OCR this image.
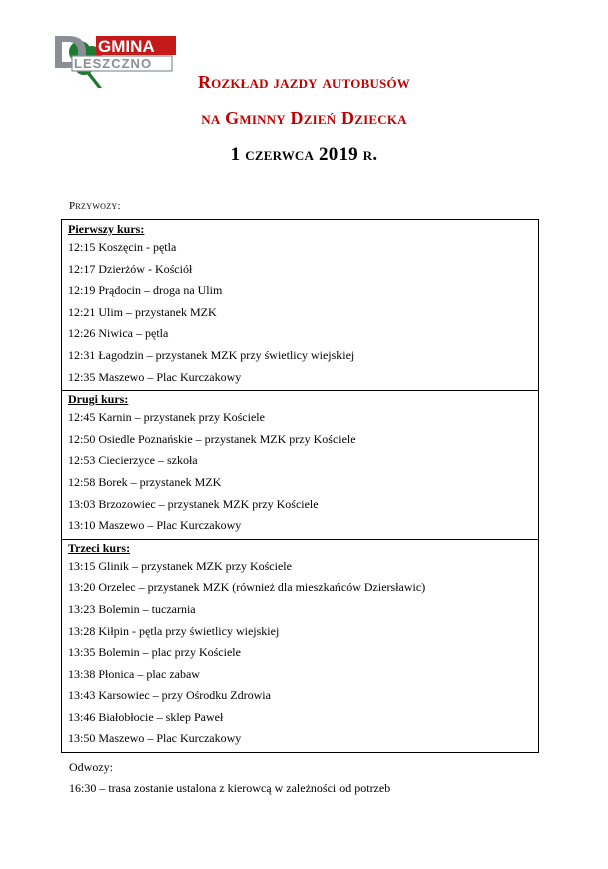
GMINA
LESZCZNO
Rozkład jazdy autobusów
na Gminny Dzień Dziecka
1 czerwca 2019 r.
Przywozy:
Pierwszy kurs:
12:15 Koszęcin - pętla
12:17 Dzierżów - Kościół
12:19 Prądocin – droga na Ulim
12:21 Ulim – przystanek MZK
12:26 Niwica – pętla
12:31 Łagodzin – przystanek MZK przy świetlicy wiejskiej
12:35 Maszewo – Plac Kurczakowy
Drugi kurs:
12:45 Karnin – przystanek przy Kościele
12:50 Osiedle Poznańskie – przystanek MZK przy Kościele
12:53 Ciecierzyce – szkoła
12:58 Borek – przystanek MZK
13:03 Brzozowiec – przystanek MZK przy Kościele
13:10 Maszewo – Plac Kurczakowy
Trzeci kurs:
13:15 Glinik – przystanek MZK przy Kościele
13:20 Orzelec – przystanek MZK (również dla mieszkańców Dziersławic)
13:23 Bolemin – tuczarnia
13:28 Kiłpin - pętla przy świetlicy wiejskiej
13:35 Bolemin – plac przy Kościele
13:38 Płonica – plac zabaw
13:43 Karsowiec – przy Ośrodku Zdrowia
13:46 Białobłocie – sklep Paweł
13:50 Maszewo – Plac Kurczakowy
Odwozy:
16:30 – trasa zostanie ustalona z kierowcą w zależności od potrzeb
